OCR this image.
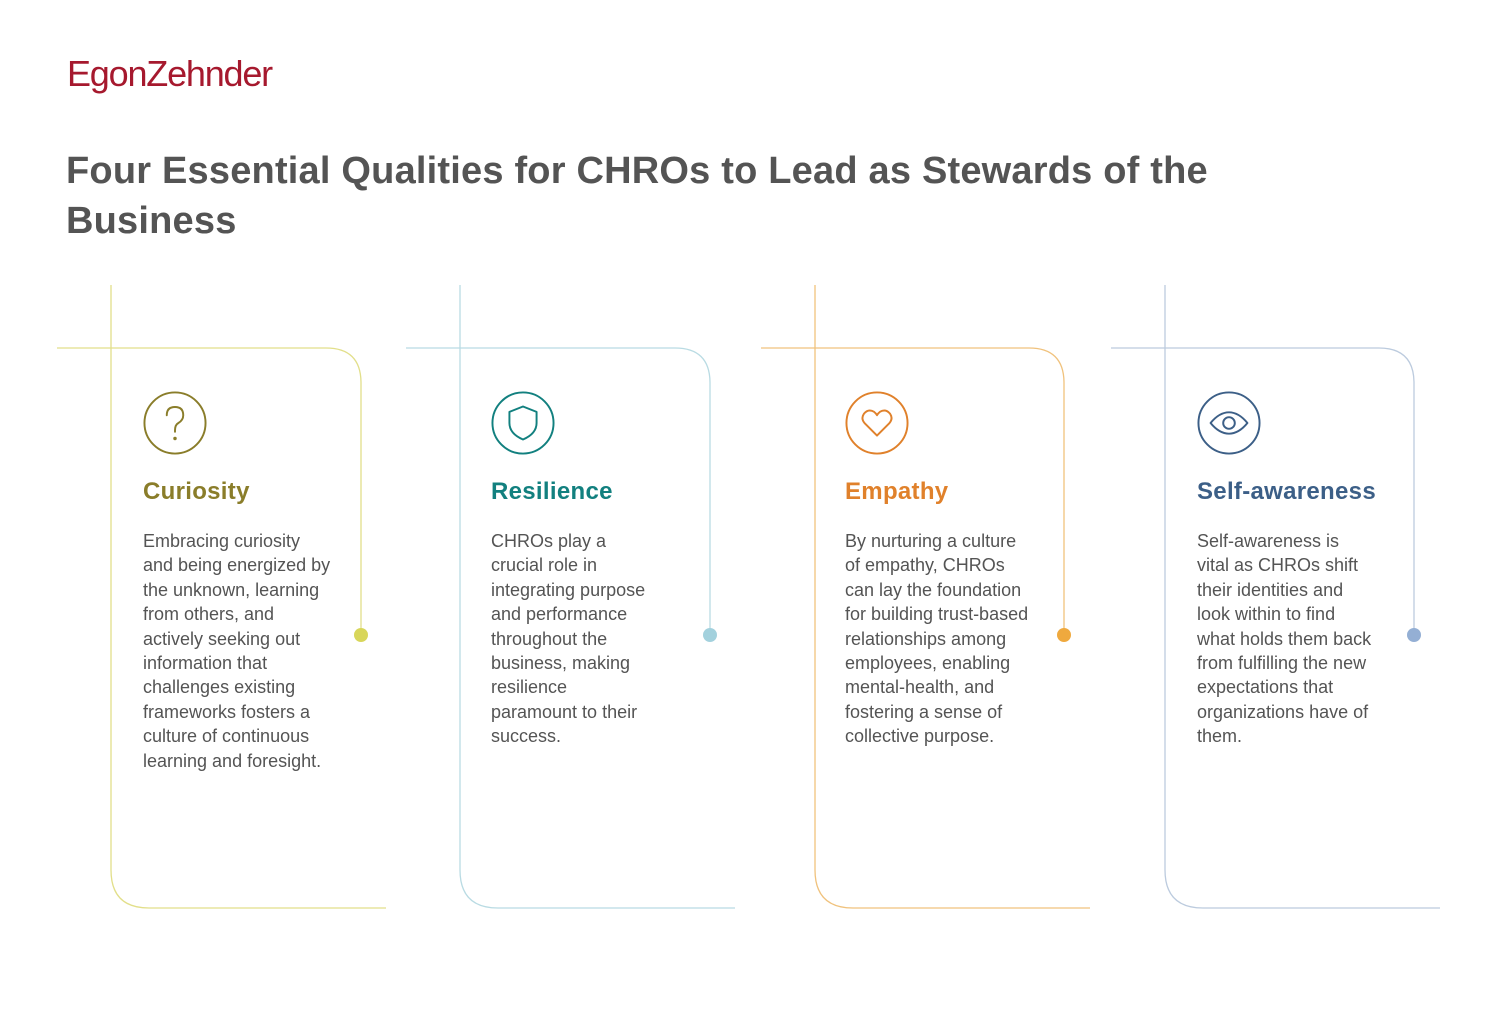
EgonZehnder
Four Essential Qualities for CHROs to Lead as Stewards of the Business
Curiosity

Embracing curiosity and being energized by the unknown, learning from others, and actively seeking out information that challenges existing frameworks fosters a culture of continuous learning and foresight.

Resilience

CHROs play a crucial role in integrating purpose and performance throughout the business, making resilience paramount to their success.

Empathy

By nurturing a culture of empathy, CHROs can lay the foundation for building trust-based relationships among employees, enabling mental-health, and fostering a sense of collective purpose.

Self-awareness

Self-awareness is vital as CHROs shift their identities and look within to find what holds them back from fulfilling the new expectations that organizations have of them.
